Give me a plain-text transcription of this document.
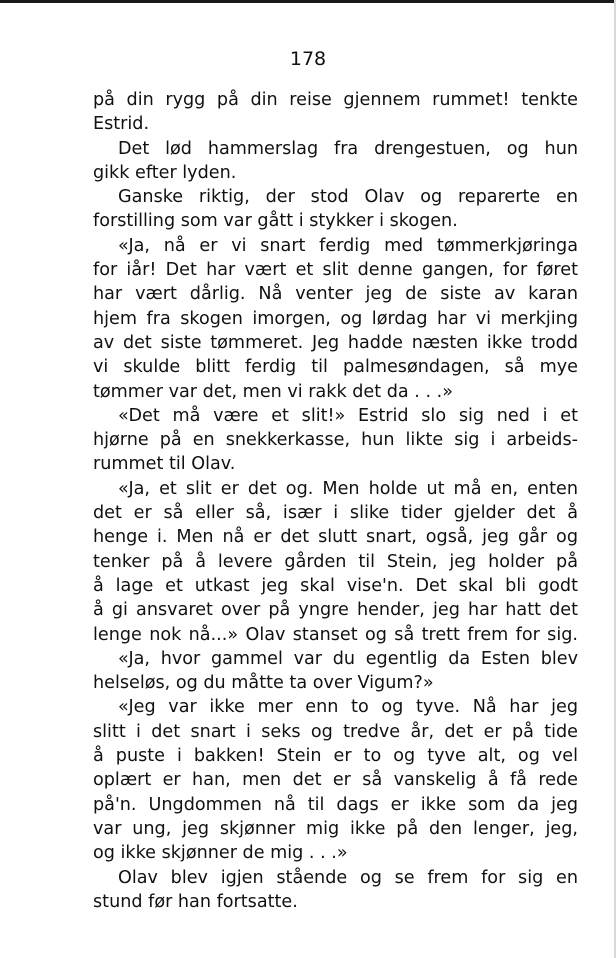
178
på din rygg på din reise gjennem rummet! tenkte
Estrid.
Det lød hammerslag fra drengestuen, og hun
gikk efter lyden.
Ganske riktig, der stod Olav og reparerte en
forstilling som var gått i stykker i skogen.
«Ja, nå er vi snart ferdig med tømmerkjøringa
for iår! Det har vært et slit denne gangen, for føret
har vært dårlig. Nå venter jeg de siste av karan
hjem fra skogen imorgen, og lørdag har vi merkjing
av det siste tømmeret. Jeg hadde næsten ikke trodd
vi skulde blitt ferdig til palmesøndagen, så mye
tømmer var det, men vi rakk det da . . .»
«Det må være et slit!» Estrid slo sig ned i et
hjørne på en snekkerkasse, hun likte sig i arbeids-
rummet til Olav.
«Ja, et slit er det og. Men holde ut må en, enten
det er så eller så, især i slike tider gjelder det å
henge i. Men nå er det slutt snart, også, jeg går og
tenker på å levere gården til Stein, jeg holder på
å lage et utkast jeg skal vise'n. Det skal bli godt
å gi ansvaret over på yngre hender, jeg har hatt det
lenge nok nå...» Olav stanset og så trett frem for sig.
«Ja, hvor gammel var du egentlig da Esten blev
helseløs, og du måtte ta over Vigum?»
«Jeg var ikke mer enn to og tyve. Nå har jeg
slitt i det snart i seks og tredve år, det er på tide
å puste i bakken! Stein er to og tyve alt, og vel
oplært er han, men det er så vanskelig å få rede
på'n. Ungdommen nå til dags er ikke som da jeg
var ung, jeg skjønner mig ikke på den lenger, jeg,
og ikke skjønner de mig . . .»
Olav blev igjen stående og se frem for sig en
stund før han fortsatte.
